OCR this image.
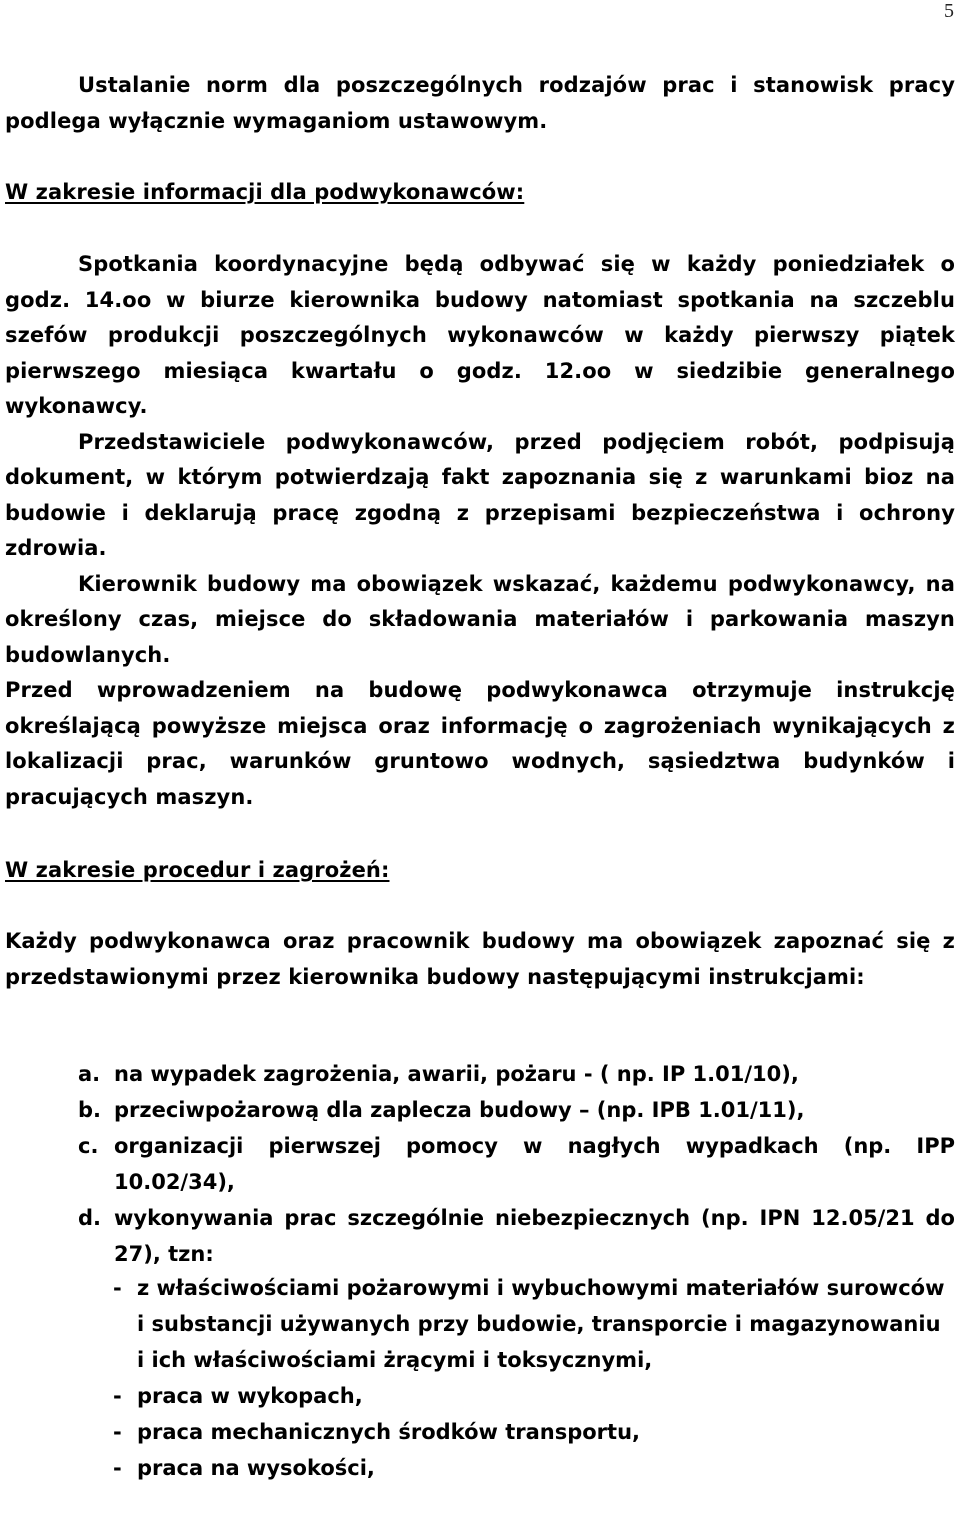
5

Ustalanie norm dla poszczególnych rodzajów prac i stanowisk pracy podlega wyłącznie wymaganiom ustawowym.

W zakresie informacji dla podwykonawców:

Spotkania koordynacyjne będą odbywać się w każdy poniedziałek o godz. 14.oo w biurze kierownika budowy natomiast spotkania na szczeblu szefów produkcji poszczególnych wykonawców w każdy pierwszy piątek pierwszego miesiąca kwartału o godz. 12.oo w siedzibie generalnego wykonawcy.

Przedstawiciele podwykonawców, przed podjęciem robót, podpisują dokument, w którym potwierdzają fakt zapoznania się z warunkami bioz na budowie i deklarują pracę zgodną z przepisami bezpieczeństwa i ochrony zdrowia.

Kierownik budowy ma obowiązek wskazać, każdemu podwykonawcy, na określony czas, miejsce do składowania materiałów i parkowania maszyn budowlanych.

Przed wprowadzeniem na budowę podwykonawca otrzymuje instrukcję określającą powyższe miejsca oraz informację o zagrożeniach wynikających z lokalizacji prac, warunków gruntowo wodnych, sąsiedztwa budynków i pracujących maszyn.

W zakresie procedur i zagrożeń:

Każdy podwykonawca oraz pracownik budowy ma obowiązek zapoznać się z przedstawionymi przez kierownika budowy następującymi instrukcjami:

a. na wypadek zagrożenia, awarii, pożaru - ( np. IP 1.01/10),
b. przeciwpożarową dla zaplecza budowy – (np. IPB 1.01/11),
c. organizacji pierwszej pomocy w nagłych wypadkach (np. IPP 10.02/34),
d. wykonywania prac szczególnie niebezpiecznych (np. IPN 12.05/21 do 27), tzn:
- z właściwościami pożarowymi i wybuchowymi materiałów surowców i substancji używanych przy budowie, transporcie i magazynowaniu i ich właściwościami żrącymi i toksycznymi,
- praca w wykopach,
- praca mechanicznych środków transportu,
- praca na wysokości,
